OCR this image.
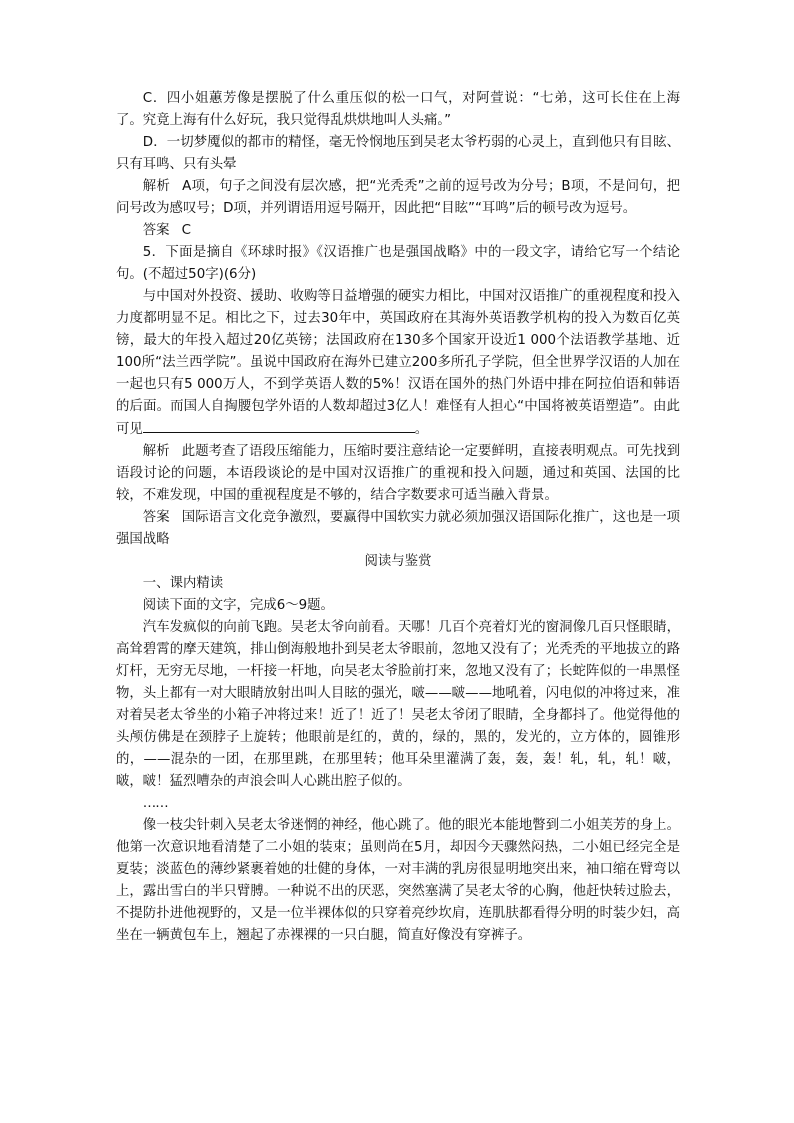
C．四小姐蕙芳像是摆脱了什么重压似的松一口气，对阿萱说：“七弟，这可长住在上海了。究竟上海有什么好玩，我只觉得乱烘烘地叫人头痛。”

D．一切梦魇似的都市的精怪，毫无怜悯地压到吴老太爷朽弱的心灵上，直到他只有目眩、只有耳鸣、只有头晕

解析 A项，句子之间没有层次感，把“光秃秃”之前的逗号改为分号；B项，不是问句，把问号改为感叹号；D项，并列谓语用逗号隔开，因此把“目眩”“耳鸣”后的顿号改为逗号。

答案 C

5．下面是摘自《环球时报》《汉语推广也是强国战略》中的一段文字，请给它写一个结论句。(不超过50字)(6分)

与中国对外投资、援助、收购等日益增强的硬实力相比，中国对汉语推广的重视程度和投入力度都明显不足。相比之下，过去30年中，英国政府在其海外英语教学机构的投入为数百亿英镑，最大的年投入超过20亿英镑；法国政府在130多个国家开设近1 000个法语教学基地、近100所“法兰西学院”。虽说中国政府在海外已建立200多所孔子学院，但全世界学汉语的人加在一起也只有5 000万人，不到学英语人数的5%！汉语在国外的热门外语中排在阿拉伯语和韩语的后面。而国人自掏腰包学外语的人数却超过3亿人！难怪有人担心“中国将被英语塑造”。由此可见	。

解析 此题考查了语段压缩能力，压缩时要注意结论一定要鲜明，直接表明观点。可先找到语段讨论的问题，本语段谈论的是中国对汉语推广的重视和投入问题，通过和英国、法国的比较，不难发现，中国的重视程度是不够的，结合字数要求可适当融入背景。

答案 国际语言文化竞争激烈，要赢得中国软实力就必须加强汉语国际化推广，这也是一项强国战略

阅读与鉴赏

一、课内精读

阅读下面的文字，完成6～9题。

汽车发疯似的向前飞跑。吴老太爷向前看。天哪！几百个亮着灯光的窗洞像几百只怪眼睛，高耸碧霄的摩天建筑，排山倒海般地扑到吴老太爷眼前，忽地又没有了；光秃秃的平地拔立的路灯杆，无穷无尽地，一杆接一杆地，向吴老太爷脸前打来，忽地又没有了；长蛇阵似的一串黑怪物，头上都有一对大眼睛放射出叫人目眩的强光，啵——啵——地吼着，闪电似的冲将过来，准对着吴老太爷坐的小箱子冲将过来！近了！近了！吴老太爷闭了眼睛，全身都抖了。他觉得他的头颅仿佛是在颈脖子上旋转；他眼前是红的，黄的，绿的，黑的，发光的，立方体的，圆锥形的，——混杂的一团，在那里跳，在那里转；他耳朵里灌满了轰，轰，轰！轧，轧，轧！啵，啵，啵！猛烈嘈杂的声浪会叫人心跳出腔子似的。

……

像一枝尖针刺入吴老太爷迷惘的神经，他心跳了。他的眼光本能地瞥到二小姐芙芳的身上。他第一次意识地看清楚了二小姐的装束；虽则尚在5月，却因今天骤然闷热，二小姐已经完全是夏装；淡蓝色的薄纱紧裹着她的壮健的身体，一对丰满的乳房很显明地突出来，袖口缩在臂弯以上，露出雪白的半只臂膊。一种说不出的厌恶，突然塞满了吴老太爷的心胸，他赶快转过脸去，不提防扑进他视野的，又是一位半裸体似的只穿着亮纱坎肩，连肌肤都看得分明的时装少妇，高坐在一辆黄包车上，翘起了赤裸裸的一只白腿，简直好像没有穿裤子。
